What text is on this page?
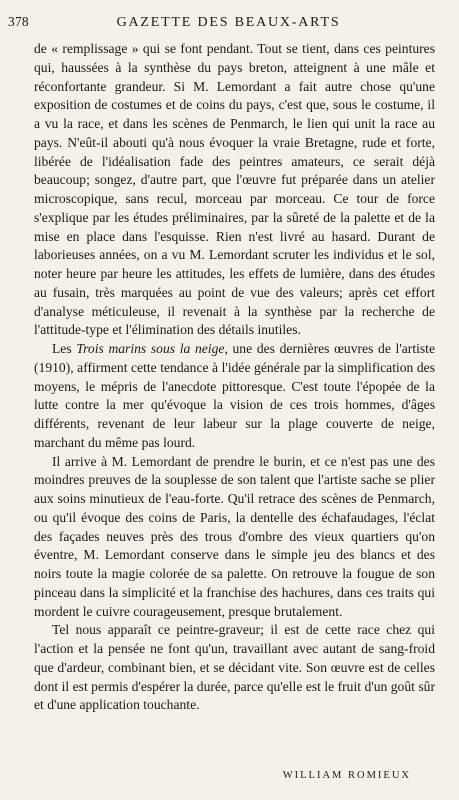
378	GAZETTE DES BEAUX-ARTS

de « remplissage » qui se font pendant. Tout se tient, dans ces peintures qui, haussées à la synthèse du pays breton, atteignent à une mâle et réconfortante grandeur. Si M. Lemordant a fait autre chose qu'une exposition de costumes et de coins du pays, c'est que, sous le costume, il a vu la race, et dans les scènes de Penmarch, le lien qui unit la race au pays. N'eût-il abouti qu'à nous évoquer la vraie Bretagne, rude et forte, libérée de l'idéalisation fade des peintres amateurs, ce serait déjà beaucoup; songez, d'autre part, que l'œuvre fut préparée dans un atelier microscopique, sans recul, morceau par morceau. Ce tour de force s'explique par les études préliminaires, par la sûreté de la palette et de la mise en place dans l'esquisse. Rien n'est livré au hasard. Durant de laborieuses années, on a vu M. Lemordant scruter les individus et le sol, noter heure par heure les attitudes, les effets de lumière, dans des études au fusain, très marquées au point de vue des valeurs; après cet effort d'analyse méticuleuse, il revenait à la synthèse par la recherche de l'attitude-type et l'élimination des détails inutiles.

Les Trois marins sous la neige, une des dernières œuvres de l'artiste (1910), affirment cette tendance à l'idée générale par la simplification des moyens, le mépris de l'anecdote pittoresque. C'est toute l'épopée de la lutte contre la mer qu'évoque la vision de ces trois hommes, d'âges différents, revenant de leur labeur sur la plage couverte de neige, marchant du même pas lourd.

Il arrive à M. Lemordant de prendre le burin, et ce n'est pas une des moindres preuves de la souplesse de son talent que l'artiste sache se plier aux soins minutieux de l'eau-forte. Qu'il retrace des scènes de Penmarch, ou qu'il évoque des coins de Paris, la dentelle des échafaudages, l'éclat des façades neuves près des trous d'ombre des vieux quartiers qu'on éventre, M. Lemordant conserve dans le simple jeu des blancs et des noirs toute la magie colorée de sa palette. On retrouve la fougue de son pinceau dans la simplicité et la franchise des hachures, dans ces traits qui mordent le cuivre courageusement, presque brutalement.

Tel nous apparaît ce peintre-graveur; il est de cette race chez qui l'action et la pensée ne font qu'un, travaillant avec autant de sang-froid que d'ardeur, combinant bien, et se décidant vite. Son œuvre est de celles dont il est permis d'espérer la durée, parce qu'elle est le fruit d'un goût sûr et d'une application touchante.

WILLIAM ROMIEUX
